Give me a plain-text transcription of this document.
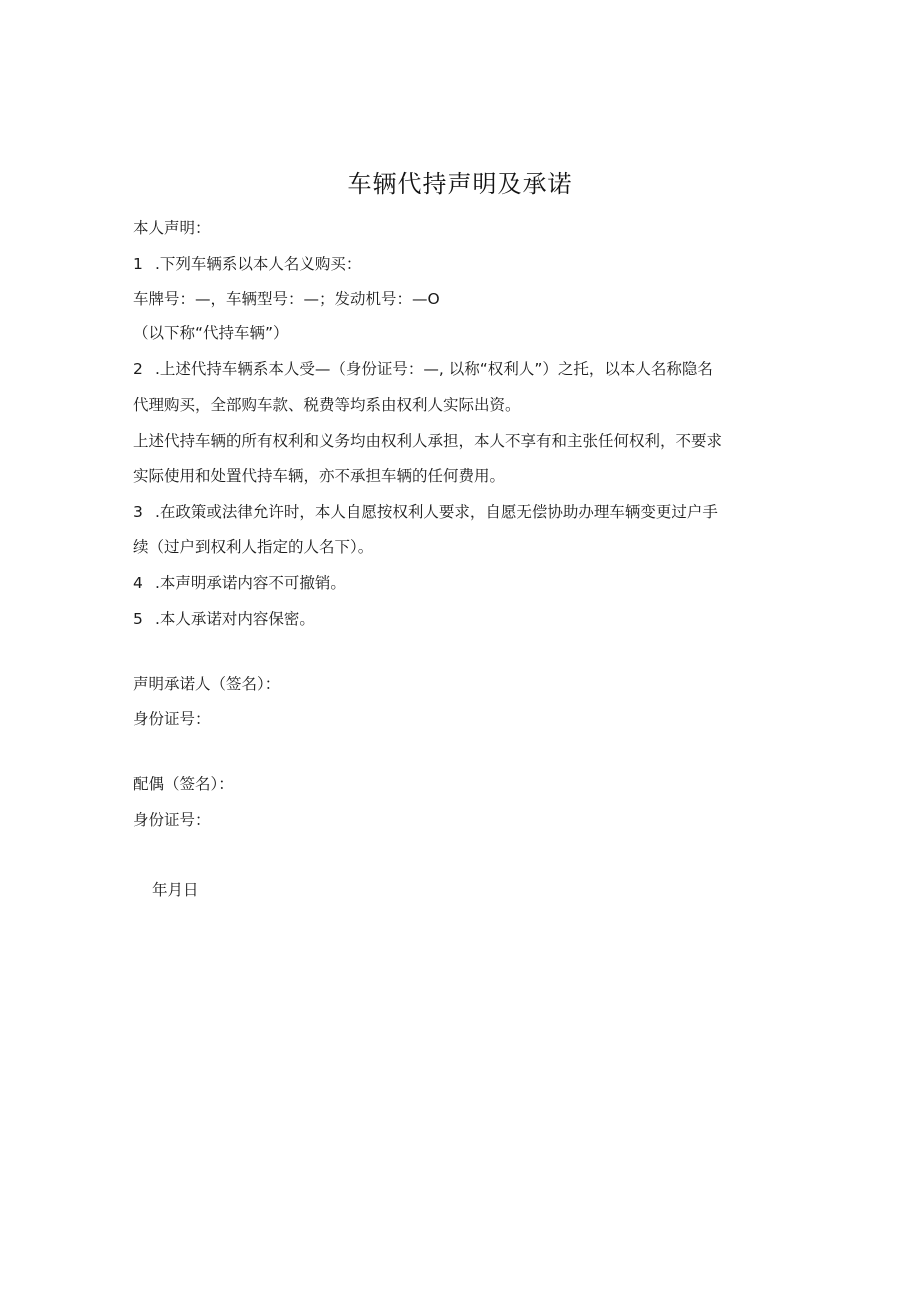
车辆代持声明及承诺
本人声明：
1 .下列车辆系以本人名义购买：
车牌号：—，车辆型号：—；发动机号：—O
（以下称“代持车辆”）
2 .上述代持车辆系本人受—（身份证号：—, 以称“权利人”）之托，以本人名称隐名
代理购买，全部购车款、税费等均系由权利人实际出资。
上述代持车辆的所有权利和义务均由权利人承担，本人不享有和主张任何权利，不要求
实际使用和处置代持车辆，亦不承担车辆的任何费用。
3 .在政策或法律允许时，本人自愿按权利人要求，自愿无偿协助办理车辆变更过户手
续（过户到权利人指定的人名下）。
4 .本声明承诺内容不可撤销。
5 .本人承诺对内容保密。
声明承诺人（签名）：
身份证号：
配偶（签名）：
身份证号：
年月日
